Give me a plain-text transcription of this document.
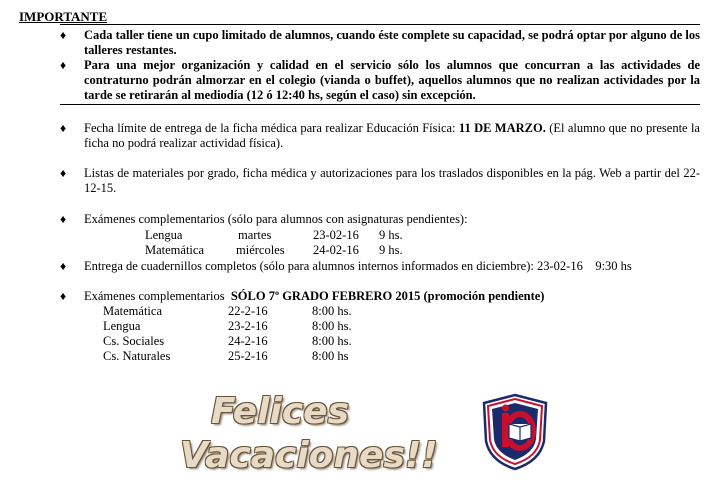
IMPORTANTE
♦ Cada taller tiene un cupo limitado de alumnos, cuando éste complete su capacidad, se podrá optar por alguno de los talleres restantes.
♦ Para una mejor organización y calidad en el servicio sólo los alumnos que concurran a las actividades de contraturno podrán almorzar en el colegio (vianda o buffet), aquellos alumnos que no realizan actividades por la tarde se retirarán al mediodía (12 ó 12:40 hs, según el caso) sin excepción.
♦ Fecha límite de entrega de la ficha médica para realizar Educación Física: 11 DE MARZO. (El alumno que no presente la ficha no podrá realizar actividad física).
♦ Listas de materiales por grado, ficha médica y autorizaciones para los traslados disponibles en la pág. Web a partir del 22-12-15.
♦ Exámenes complementarios (sólo para alumnos con asignaturas pendientes):
Lengua	martes	23-02-16 9 hs.
Matemática	miércoles 24-02-16 9 hs.
♦ Entrega de cuadernillos completos (sólo para alumnos internos informados en diciembre): 23-02-16    9:30 hs
♦ Exámenes complementarios  SÓLO 7º GRADO FEBRERO 2015 (promoción pendiente)
Matemática	22-2-16	8:00 hs.
Lengua	23-2-16	8:00 hs.
Cs. Sociales	24-2-16	8:00 hs.
Cs. Naturales	25-2-16	8:00 hs
Felices
Vacaciones!!
